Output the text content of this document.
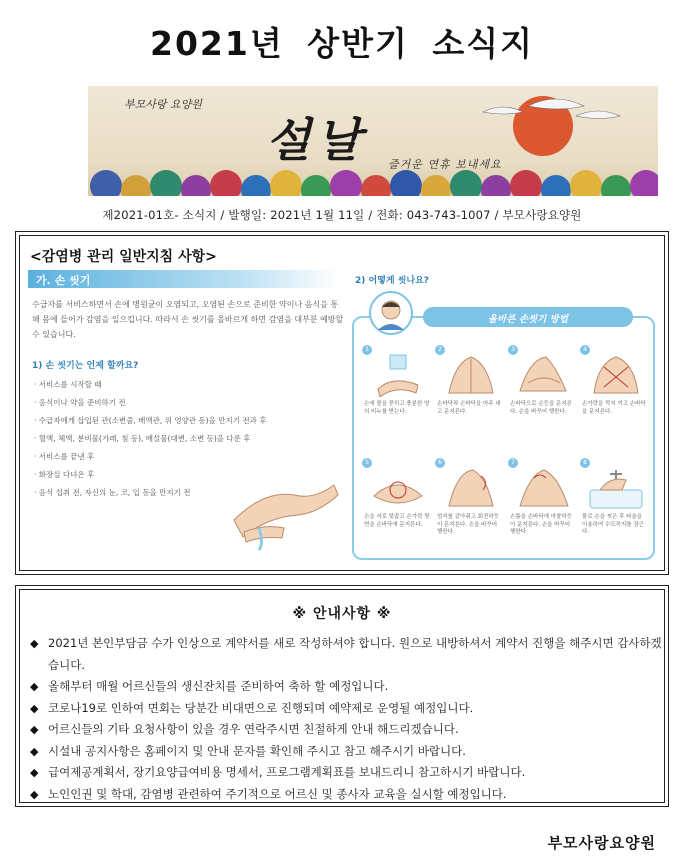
2021년 상반기 소식지
부모사랑 요양원
설날 즐거운 연휴 보내세요
제2021-01호- 소식지 / 발행일: 2021년 1월 11일 / 전화: 043-743-1007 / 부모사랑요양원
<감염병 관리 일반지침 사항>
가. 손 씻기
수급자를 서비스하면서 손에 병원균이 오염되고, 오염된 손으로 준비한 약이나 음식을 통해 몸에 들어가 감염을 일으킵니다. 따라서 손 씻기를 올바르게 하면 감염을 대부분 예방할 수 있습니다.
1) 손 씻기는 언제 할까요?
· 서비스를 시작할 때
· 음식이나 약을 준비하기 전
· 수급자에게 삽입된 관(소변줄, 배액관, 위 영양관 등)을 만지기 전과 후
· 혈액, 체액, 분비물(가래, 침 등), 배설물(대변, 소변 등)을 다룬 후
· 서비스를 끝낸 후
· 화장실 다녀온 후
· 음식 섭취 전, 자신의 눈, 코, 입 등을 만지기 전
2) 어떻게 씻나요?
올바른 손씻기 방법
1
손에 물을 묻히고 충분한 양의 비누를 받는다.
2
손바닥과 손바닥을 마주 대고 문지른다.
3
손바닥으로 손등을 문지른다. 손을 바꾸어 행한다.
4
손가락을 깍지 끼고 손바닥을 문지른다.
5
손을 서로 맞잡고 손가락 뒷면을 손바닥에 문지른다.
6
엄지를 감아쥐고 회전하듯이 문지른다. 손을 바꾸어 행한다.
7
손톱을 손바닥에 마찰하듯이 문지른다. 손을 바꾸어 행한다.
8
물로 손을 씻은 후 타올을 이용하여 수도꼭지를 잠근다.
※ 안내사항 ※
◆ 2021년 본인부담금 수가 인상으로 계약서를 새로 작성하셔야 합니다. 원으로 내방하셔서 계약서 진행을 해주시면 감사하겠습니다.
◆ 올해부터 매월 어르신들의 생신잔치를 준비하여 축하 할 예정입니다.
◆ 코로나19로 인하여 면회는 당분간 비대면으로 진행되며 예약제로 운영될 예정입니다.
◆ 어르신들의 기타 요청사항이 있을 경우 연락주시면 친절하게 안내 해드리겠습니다.
◆ 시설내 공지사항은 홈페이지 및 안내 문자를 확인해 주시고 참고 해주시기 바랍니다.
◆ 급여제공계획서, 장기요양급여비용 명세서, 프로그램계획표를 보내드리니 참고하시기 바랍니다.
◆ 노인인권 및 학대, 감염병 관련하여 주기적으로 어르신 및 종사자 교육을 실시할 예정입니다.
부모사랑요양원
